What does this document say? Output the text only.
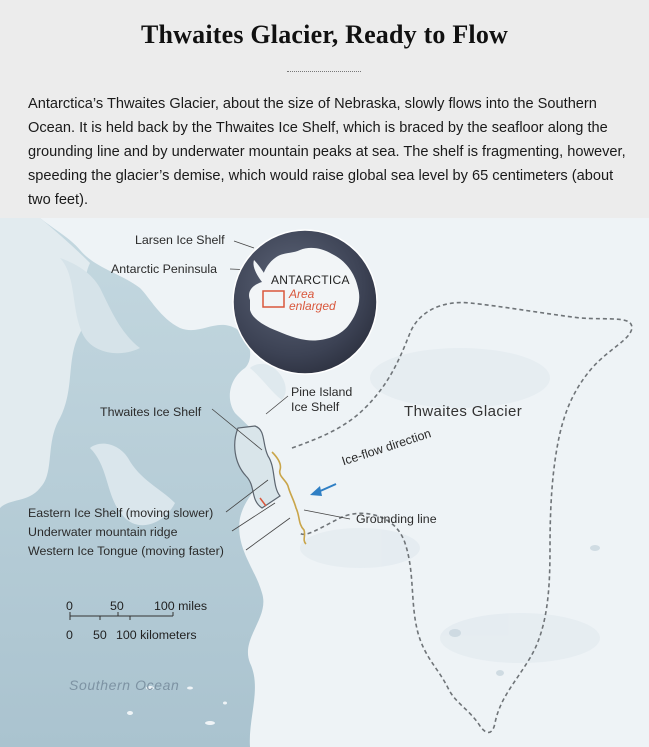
Thwaites Glacier, Ready to Flow
Antarctica’s Thwaites Glacier, about the size of Nebraska, slowly flows into the Southern Ocean. It is held back by the Thwaites Ice Shelf, which is braced by the seafloor along the grounding line and by underwater mountain peaks at sea. The shelf is fragmenting, however, speeding the glacier’s demise, which would raise global sea level by 65 centimeters (about two feet).
Larsen Ice Shelf
Antarctic Peninsula
ANTARCTICA
Area
enlarged
Pine Island
Ice Shelf	Thwaites Glacier
Thwaites Ice Shelf
Ice-flow direction
Eastern Ice Shelf (moving slower)
Underwater mountain ridge
Western Ice Tongue (moving faster)
Grounding line
Southern Ocean
0	50 100 miles
0 50 100 kilometers
